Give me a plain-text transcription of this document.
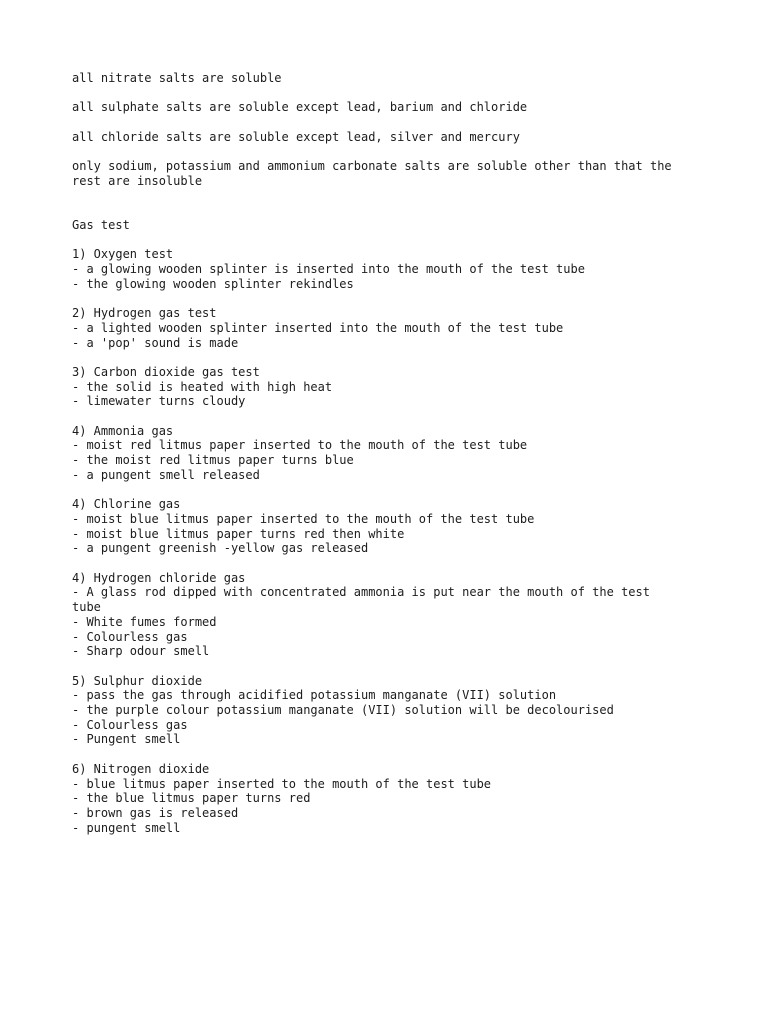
all nitrate salts are soluble
all sulphate salts are soluble except lead, barium and chloride
all chloride salts are soluble except lead, silver and mercury
only sodium, potassium and ammonium carbonate salts are soluble other than that the
rest are insoluble
Gas test
1) Oxygen test
- a glowing wooden splinter is inserted into the mouth of the test tube
- the glowing wooden splinter rekindles
2) Hydrogen gas test
- a lighted wooden splinter inserted into the mouth of the test tube
- a 'pop' sound is made
3) Carbon dioxide gas test
- the solid is heated with high heat
- limewater turns cloudy
4) Ammonia gas
- moist red litmus paper inserted to the mouth of the test tube
- the moist red litmus paper turns blue
- a pungent smell released
4) Chlorine gas
- moist blue litmus paper inserted to the mouth of the test tube
- moist blue litmus paper turns red then white
- a pungent greenish -yellow gas released
4) Hydrogen chloride gas
- A glass rod dipped with concentrated ammonia is put near the mouth of the test
tube
- White fumes formed
- Colourless gas
- Sharp odour smell
5) Sulphur dioxide
- pass the gas through acidified potassium manganate (VII) solution
- the purple colour potassium manganate (VII) solution will be decolourised
- Colourless gas
- Pungent smell
6) Nitrogen dioxide
- blue litmus paper inserted to the mouth of the test tube
- the blue litmus paper turns red
- brown gas is released
- pungent smell
